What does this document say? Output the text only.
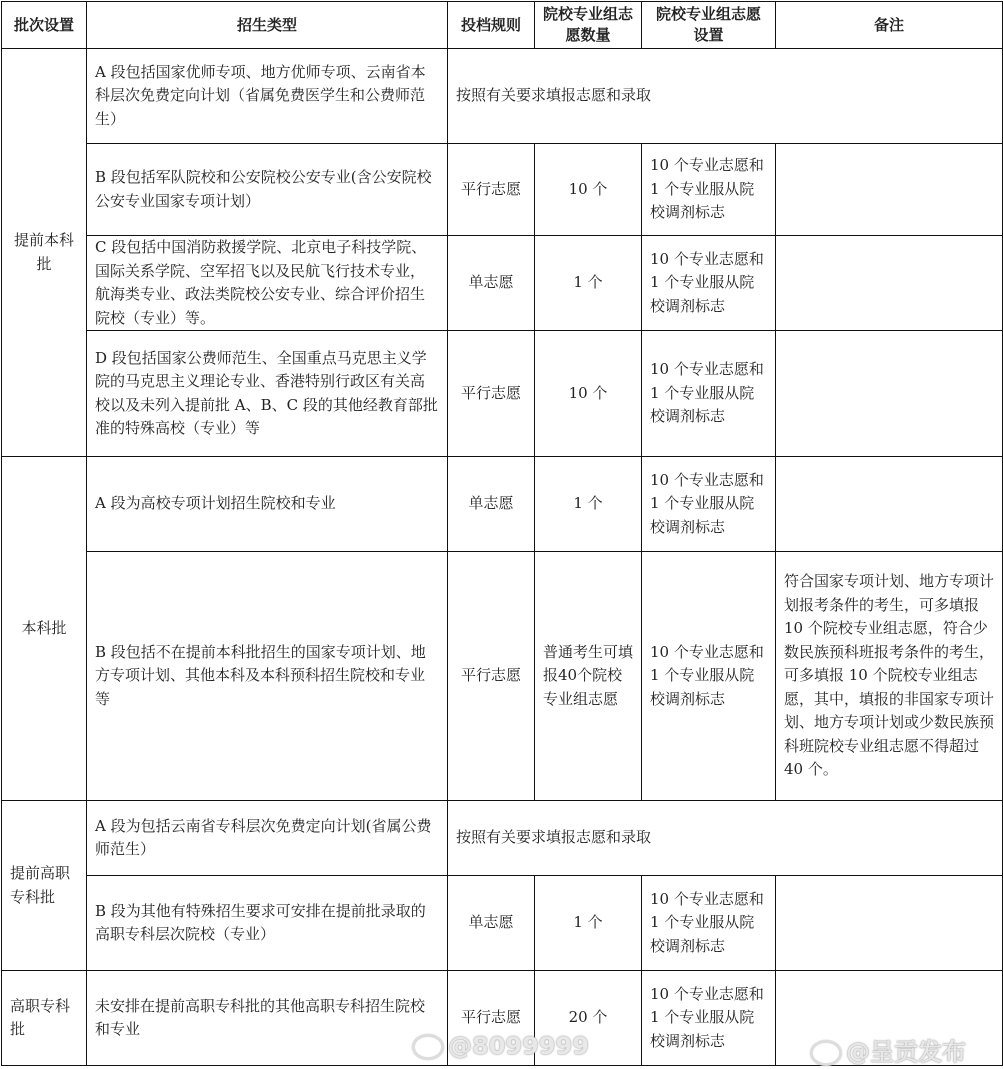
批次设置	招生类型	投档规则	院校专业组志愿数量	院校专业组志愿设置	备注
提前本科批	A 段包括国家优师专项、地方优师专项、云南省本科层次免费定向计划（省属免费医学生和公费师范生）	按照有关要求填报志愿和录取			
	B 段包括军队院校和公安院校公安专业(含公安院校公安专业国家专项计划）	平行志愿	10 个	10 个专业志愿和 1 个专业服从院校调剂标志	
	C 段包括中国消防救援学院、北京电子科技学院、国际关系学院、空军招飞以及民航飞行技术专业，航海类专业、政法类院校公安专业、综合评价招生院校（专业）等。	单志愿	1 个	10 个专业志愿和 1 个专业服从院校调剂标志	
	D 段包括国家公费师范生、全国重点马克思主义学院的马克思主义理论专业、香港特别行政区有关高校以及未列入提前批 A、B、C 段的其他经教育部批准的特殊高校（专业）等	平行志愿	10 个	10 个专业志愿和 1 个专业服从院校调剂标志	
本科批	A 段为高校专项计划招生院校和专业	单志愿	1 个	10 个专业志愿和 1 个专业服从院校调剂标志	
	B 段包括不在提前本科批招生的国家专项计划、地方专项计划、其他本科及本科预科招生院校和专业等	平行志愿	普通考生可填报40个院校专业组志愿	10 个专业志愿和 1 个专业服从院校调剂标志	符合国家专项计划、地方专项计划报考条件的考生，可多填报 10 个院校专业组志愿，符合少数民族预科班报考条件的考生，可多填报 10 个院校专业组志愿，其中，填报的非国家专项计划、地方专项计划或少数民族预科班院校专业组志愿不得超过 40 个。
提前高职专科批	A 段为包括云南省专科层次免费定向计划(省属公费师范生）	按照有关要求填报志愿和录取			
	B 段为其他有特殊招生要求可安排在提前批录取的高职专科层次院校（专业）	单志愿	1 个	10 个专业志愿和 1 个专业服从院校调剂标志	
高职专科批	未安排在提前高职专科批的其他高职专科招生院校和专业	平行志愿	20 个	10 个专业志愿和 1 个专业服从院校调剂标志	
@8099999	@呈贡发布
